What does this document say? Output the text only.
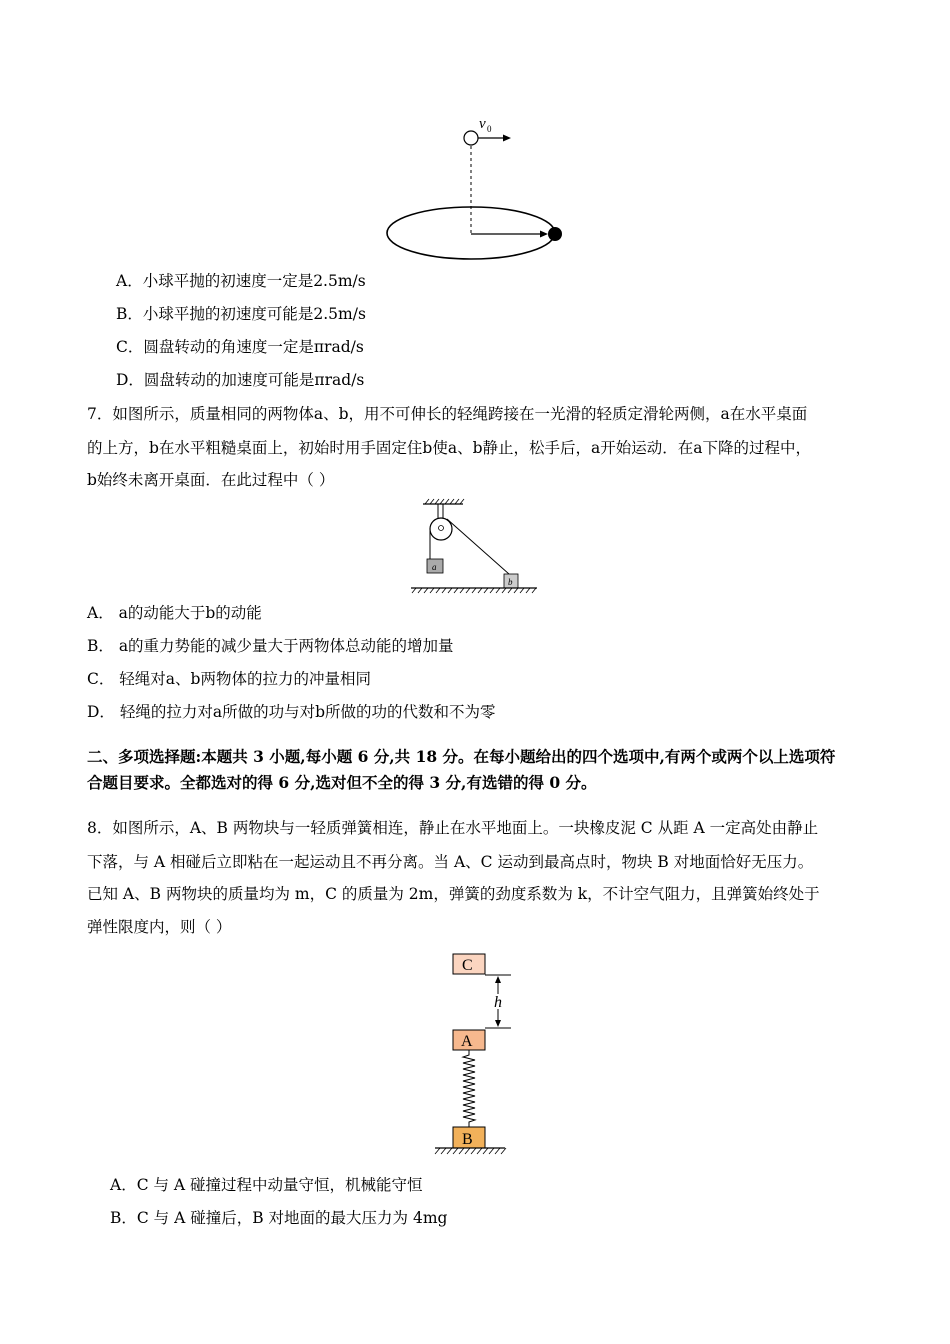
v 0
A．小球平抛的初速度一定是2.5m/s
B．小球平抛的初速度可能是2.5m/s
C．圆盘转动的角速度一定是πrad/s
D．圆盘转动的加速度可能是πrad/s
7．如图所示，质量相同的两物体a、b，用不可伸长的轻绳跨接在一光滑的轻质定滑轮两侧，a在水平桌面
的上方，b在水平粗糙桌面上，初始时用手固定住b使a、b静止，松手后，a开始运动．在a下降的过程中，
b始终未离开桌面．在此过程中（ ）
a
b
A． a的动能大于b的动能
B． a的重力势能的减少量大于两物体总动能的增加量
C． 轻绳对a、b两物体的拉力的冲量相同
D． 轻绳的拉力对a所做的功与对b所做的功的代数和不为零
二、多项选择题:本题共 3 小题,每小题 6 分,共 18 分。在每小题给出的四个选项中,有两个或两个以上选项符
合题目要求。全都选对的得 6 分,选对但不全的得 3 分,有选错的得 0 分。
8．如图所示，A、B 两物块与一轻质弹簧相连，静止在水平地面上。一块橡皮泥 C 从距 A 一定高处由静止
下落，与 A 相碰后立即粘在一起运动且不再分离。当 A、C 运动到最高点时，物块 B 对地面恰好无压力。
已知 A、B 两物块的质量均为 m，C 的质量为 2m，弹簧的劲度系数为 k，不计空气阻力，且弹簧始终处于
弹性限度内，则（ ）
C
h
A
B
A．C 与 A 碰撞过程中动量守恒，机械能守恒
B．C 与 A 碰撞后，B 对地面的最大压力为 4mg
